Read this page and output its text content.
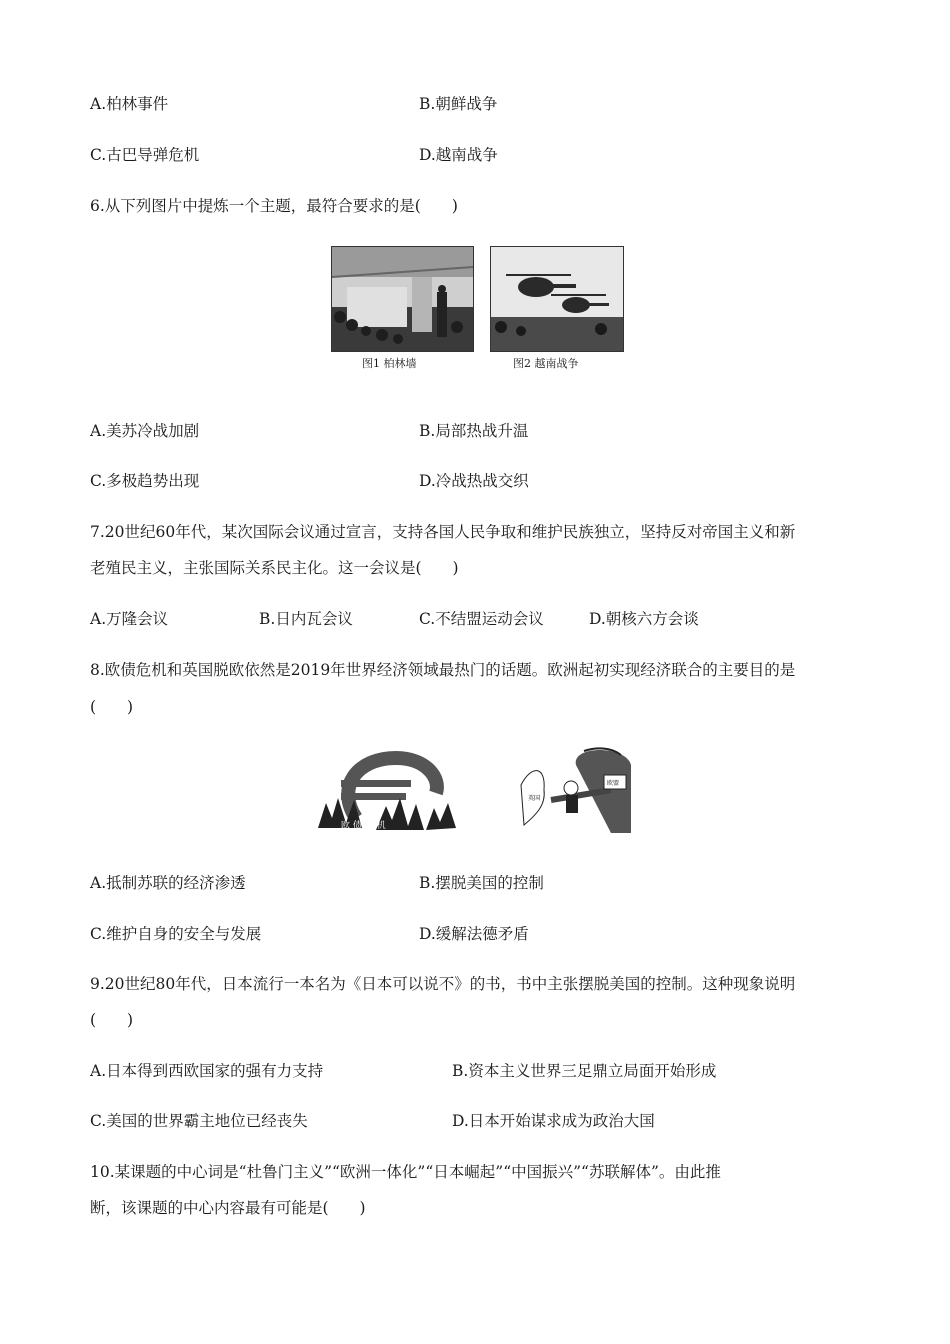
A.柏林事件	B.朝鲜战争
C.古巴导弹危机	D.越南战争
6.从下列图片中提炼一个主题，最符合要求的是(　　)
图1 柏林墙	图2 越南战争
A.美苏冷战加剧	B.局部热战升温
C.多极趋势出现	D.冷战热战交织
7.20世纪60年代，某次国际会议通过宣言，支持各国人民争取和维护民族独立，坚持反对帝国主义和新
老殖民主义，主张国际关系民主化。这一会议是(　　)
A.万隆会议	B.日内瓦会议	C.不结盟运动会议	D.朝核六方会谈
8.欧债危机和英国脱欧依然是2019年世界经济领域最热门的话题。欧洲起初实现经济联合的主要目的是
(　　)
欧 债 危 机
英国
欧盟
A.抵制苏联的经济渗透	B.摆脱美国的控制
C.维护自身的安全与发展	D.缓解法德矛盾
9.20世纪80年代，日本流行一本名为《日本可以说不》的书，书中主张摆脱美国的控制。这种现象说明
(　　)
A.日本得到西欧国家的强有力支持	B.资本主义世界三足鼎立局面开始形成
C.美国的世界霸主地位已经丧失	D.日本开始谋求成为政治大国
10.某课题的中心词是“杜鲁门主义”“欧洲一体化”“日本崛起”“中国振兴”“苏联解体”。由此推
断，该课题的中心内容最有可能是(　　)
